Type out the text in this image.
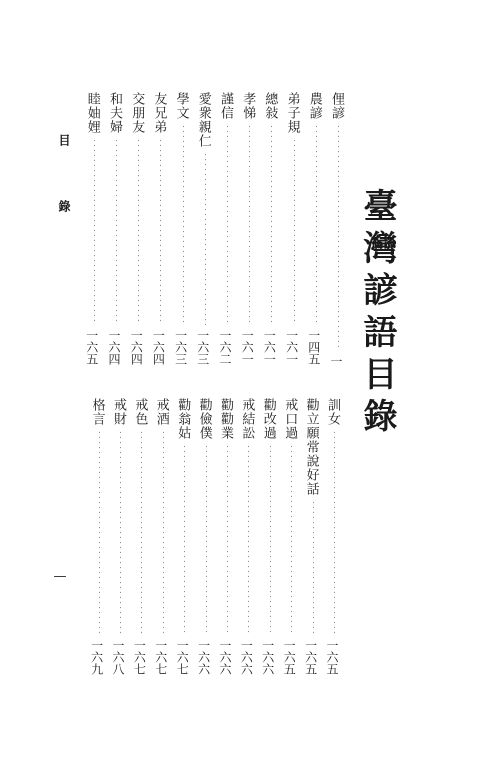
臺灣諺語目錄
目錄
—
俚諺
一
農諺
一四五
弟子規
一六一
總敍
一六一
孝悌
一六一
謹信
一六二
愛衆親仁
一六三
學文
一六三
友兄弟
一六四
交朋友
一六四
和夫婦
一六四
睦妯娌
一六五
訓女
一六五
勸立願常說好話
一六五
戒口過
一六五
勸改過
一六六
戒結訟
一六六
勸勸業
一六六
勸儉僕
一六六
勸翁姑
一六七
戒酒
一六七
戒色
一六七
戒財
一六八
格言
一六九
